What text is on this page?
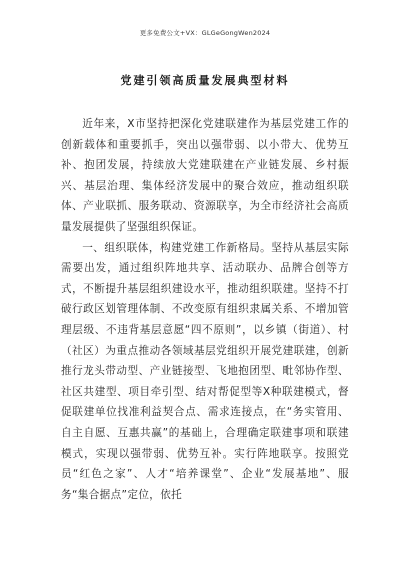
更多免费公文+VX：GLGeGongWen2024
党建引领高质量发展典型材料

近年来，X市坚持把深化党建联建作为基层党建工作的创新载体和重要抓手，突出以强带弱、以小带大、优势互补、抱团发展，持续放大党建联建在产业链发展、乡村振兴、基层治理、集体经济发展中的聚合效应，推动组织联体、产业联抓、服务联动、资源联享，为全市经济社会高质量发展提供了坚强组织保证。

一、组织联体，构建党建工作新格局。坚持从基层实际需要出发，通过组织阵地共享、活动联办、品牌合创等方式，不断提升基层组织建设水平，推动组织联建。坚持不打破行政区划管理体制、不改变原有组织隶属关系、不增加管理层级、不违背基层意愿“四不原则”，以乡镇（街道）、村（社区）为重点推动各领域基层党组织开展党建联建，创新推行龙头带动型、产业链接型、飞地抱团型、毗邻协作型、社区共建型、项目牵引型、结对帮促型等X种联建模式，督促联建单位找准利益契合点、需求连接点，在“务实管用、自主自愿、互惠共赢”的基础上，合理确定联建事项和联建模式，实现以强带弱、优势互补。实行阵地联享。按照党员“红色之家”、人才“培养课堂”、企业“发展基地”、服务“集合据点”定位，依托
